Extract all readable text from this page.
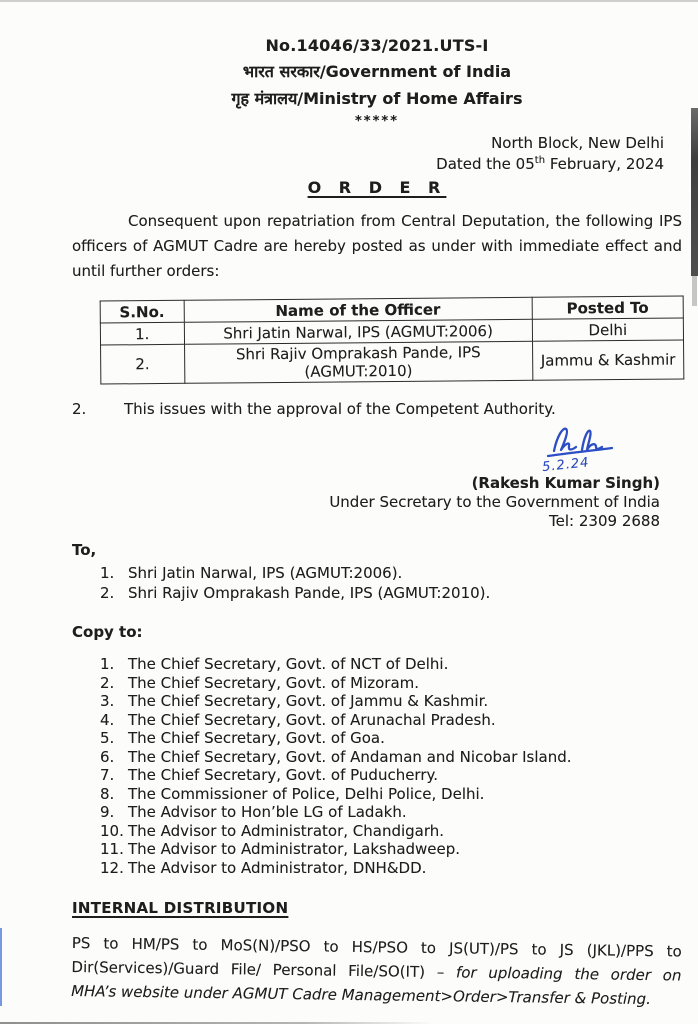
No.14046/33/2021.UTS-I
भारत सरकार/Government of India
गृह मंत्रालय/Ministry of Home Affairs
*****
North Block, New Delhi
Dated the 05th February, 2024
O R D E R
Consequent upon repatriation from Central Deputation, the following IPS
officers of AGMUT Cadre are hereby posted as under with immediate effect and
until further orders:
S.No.	Name of the Officer	Posted To
1.	Shri Jatin Narwal, IPS (AGMUT:2006)	Delhi
2.	Shri Rajiv Omprakash Pande, IPS (AGMUT:2010)	Jammu & Kashmir
2.	This issues with the approval of the Competent Authority.
5.2.24
(Rakesh Kumar Singh)
Under Secretary to the Government of India
Tel: 2309 2688
To,
Shri Jatin Narwal, IPS (AGMUT:2006).
Shri Rajiv Omprakash Pande, IPS (AGMUT:2010).
Copy to:
The Chief Secretary, Govt. of NCT of Delhi.
The Chief Secretary, Govt. of Mizoram.
The Chief Secretary, Govt. of Jammu & Kashmir.
The Chief Secretary, Govt. of Arunachal Pradesh.
The Chief Secretary, Govt. of Goa.
The Chief Secretary, Govt. of Andaman and Nicobar Island.
The Chief Secretary, Govt. of Puducherry.
The Commissioner of Police, Delhi Police, Delhi.
The Advisor to Hon’ble LG of Ladakh.
The Advisor to Administrator, Chandigarh.
The Advisor to Administrator, Lakshadweep.
The Advisor to Administrator, DNH&DD.
INTERNAL DISTRIBUTION
PS to HM/PS to MoS(N)/PSO to HS/PSO to JS(UT)/PS to JS (JKL)/PPS to
Dir(Services)/Guard File/ Personal File/SO(IT) – for uploading the order on
MHA’s website under AGMUT Cadre Management>Order>Transfer & Posting.
